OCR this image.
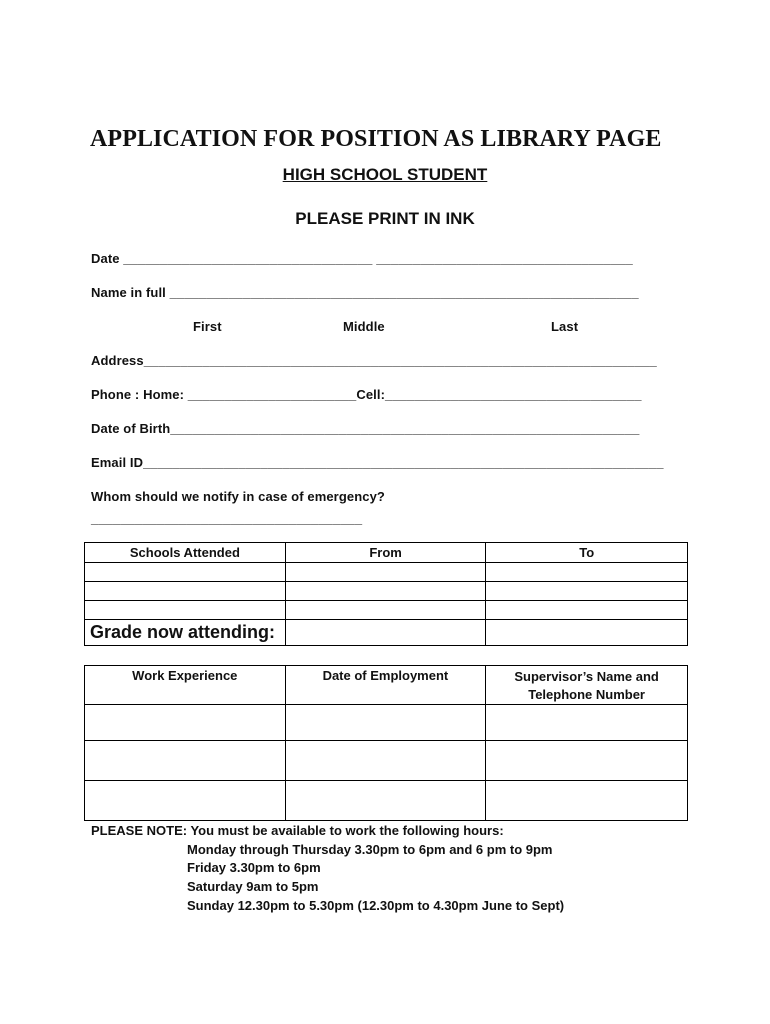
APPLICATION FOR POSITION AS LIBRARY PAGE
HIGH SCHOOL STUDENT
PLEASE PRINT IN INK
Date __________________________________ ___________________________________
Name in full ________________________________________________________________
First	Middle	Last
Address______________________________________________________________________
Phone : Home: _______________________Cell:___________________________________
Date of Birth________________________________________________________________
Email ID_______________________________________________________________________
Whom should we notify in case of emergency?
_____________________________________
Schools Attended	From	To

Grade now attending:		
Work Experience	Date of Employment	Supervisor’s Name and Telephone Number

PLEASE NOTE: You must be available to work the following hours:
Monday through Thursday 3.30pm to 6pm and 6 pm to 9pm
Friday 3.30pm to 6pm
Saturday 9am to 5pm
Sunday 12.30pm to 5.30pm (12.30pm to 4.30pm June to Sept)
